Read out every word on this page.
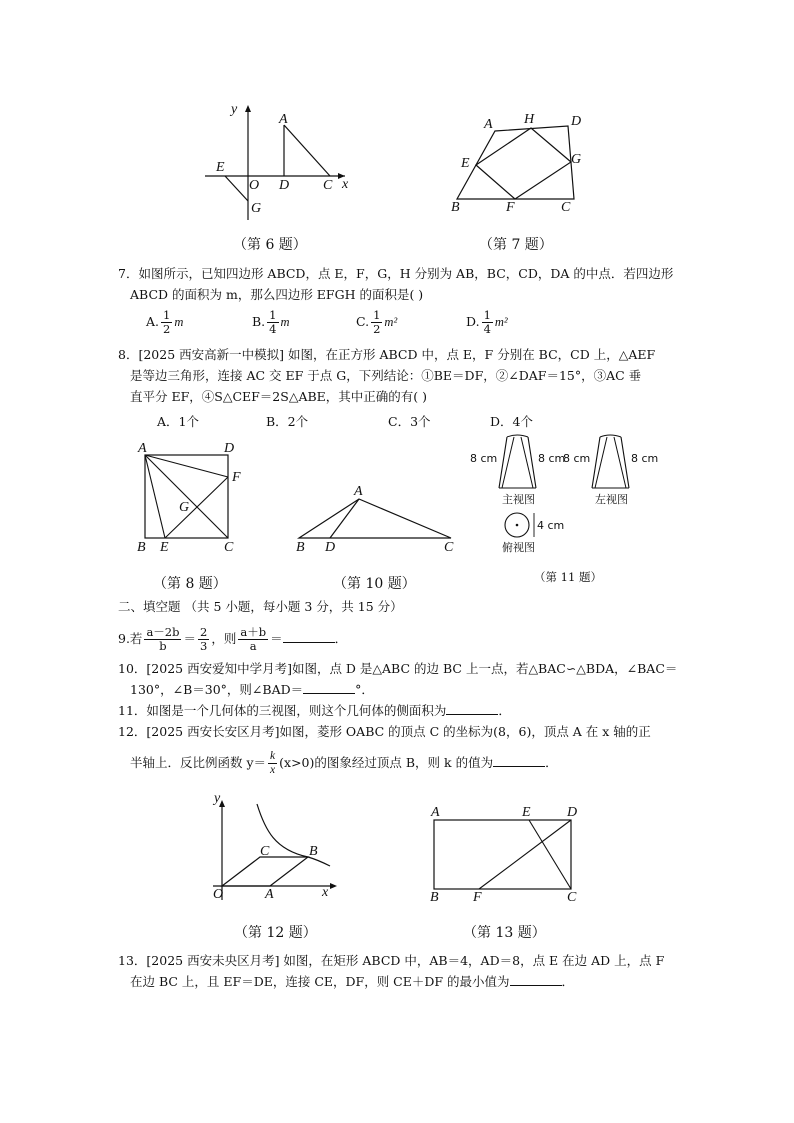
y
A
E
O D C x
G
（第 6 题）
A H	D
E	G
B	F	C
（第 7 题）
7．如图所示，已知四边形 ABCD，点 E，F，G，H 分别为 AB，BC，CD，DA 的中点．若四边形
ABCD 的面积为 m，那么四边形 EFGH 的面积是( )
A. $\frac{1}{2}$ m	B. $\frac{1}{4}$ m	C. $\frac{1}{2} m^2$	D. $\frac{1}{4} m^2$
8．[2025 西安高新一中模拟] 如图，在正方形 ABCD 中，点 E，F 分别在 BC，CD 上，△AEF
是等边三角形，连接 AC 交 EF 于点 G，下列结论：①BE＝DF，②∠DAF＝15°，③AC 垂
直平分 EF，④S△CEF＝2S△ABE，其中正确的有( )
A．1个	B．2个	C．3个	D．4个
A	D
F
G
B E	C
（第 8 题）
A
B D	C
（第 10 题）
8 cm	8 cm
8 cm	8 cm
主视图	左视图
4 cm
俯视图
（第 11 题）
二、填空题 （共 5 小题，每小题 3 分，共 15 分）
9.若 $\frac{a-2b}{b} = \frac{2}{3}$ ，则 $\frac{a+b}{a}$ ＝	．
10．[2025 西安爱知中学月考]如图，点 D 是△ABC 的边 BC 上一点，若△BAC∽△BDA，∠BAC＝
130°，∠B＝30°，则∠BAD＝	°．
11．如图是一个几何体的三视图，则这个几何体的侧面积为	．
12．[2025 西安长安区月考]如图，菱形 OABC 的顶点 C 的坐标为(8，6)，顶点 A 在 x 轴的正
半轴上．反比例函数 $y= \frac{k}{x} (x>0)$的图象经过顶点 B，则 k 的值为	．
y
C	B
O	A	x
（第 12 题）
A	E	D
B F	C
（第 13 题）
13．[2025 西安未央区月考] 如图，在矩形 ABCD 中，AB＝4，AD＝8，点 E 在边 AD 上，点 F
在边 BC 上，且 EF＝DE，连接 CE，DF，则 CE＋DF 的最小值为	．
